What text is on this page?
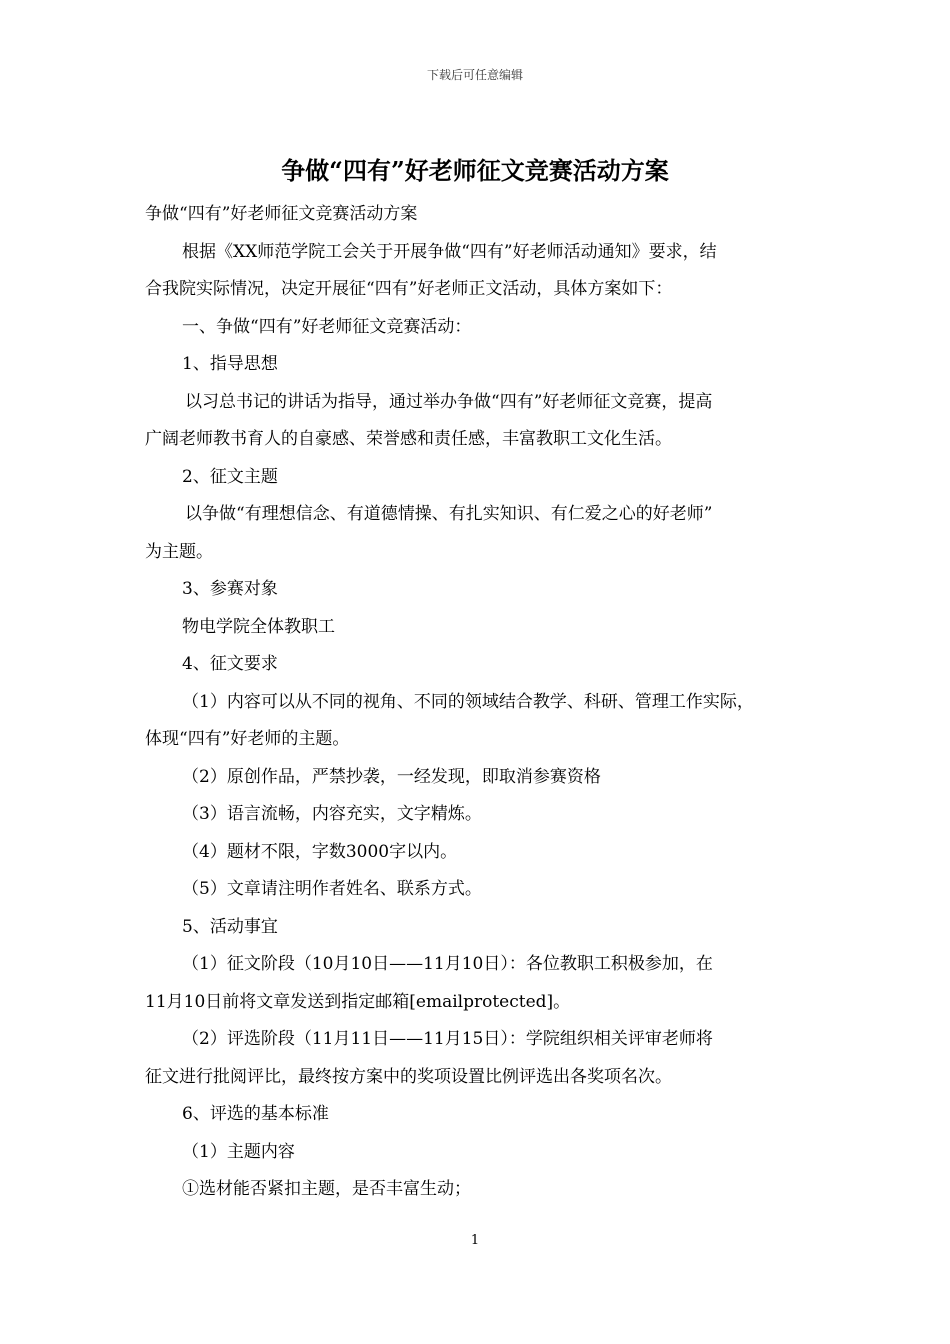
下载后可任意编辑
争做“四有”好老师征文竞赛活动方案

争做“四有”好老师征文竞赛活动方案

根据《XX师范学院工会关于开展争做“四有”好老师活动通知》要求，结

合我院实际情况，决定开展征“四有”好老师正文活动，具体方案如下：

一、争做“四有”好老师征文竞赛活动：

1、指导思想

以习总书记的讲话为指导，通过举办争做“四有”好老师征文竞赛，提高

广阔老师教书育人的自豪感、荣誉感和责任感，丰富教职工文化生活。

2、征文主题

以争做“有理想信念、有道德情操、有扎实知识、有仁爱之心的好老师”

为主题。

3、参赛对象

物电学院全体教职工

4、征文要求

（1）内容可以从不同的视角、不同的领域结合教学、科研、管理工作实际，

体现“四有”好老师的主题。

（2）原创作品，严禁抄袭，一经发现，即取消参赛资格

（3）语言流畅，内容充实，文字精炼。

（4）题材不限，字数3000字以内。

（5）文章请注明作者姓名、联系方式。

5、活动事宜

（1）征文阶段（10月10日——11月10日）：各位教职工积极参加，在

11月10日前将文章发送到指定邮箱[emailprotected]。

（2）评选阶段（11月11日——11月15日）：学院组织相关评审老师将

征文进行批阅评比，最终按方案中的奖项设置比例评选出各奖项名次。

6、评选的基本标准

（1）主题内容

①选材能否紧扣主题，是否丰富生动；

1
